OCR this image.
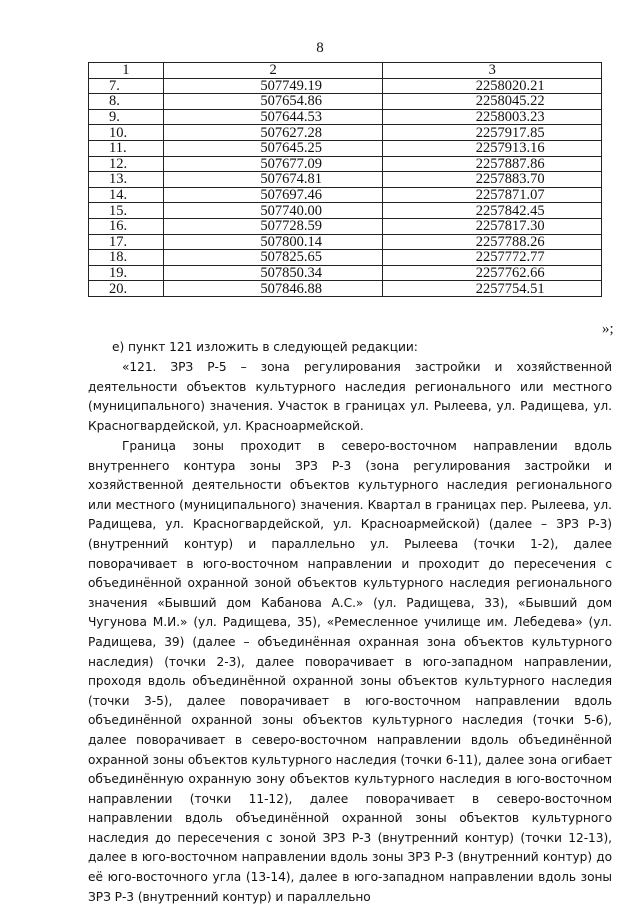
8
1	2	3
7.	507749.19	2258020.21
8.	507654.86	2258045.22
9.	507644.53	2258003.23
10.	507627.28	2257917.85
11.	507645.25	2257913.16
12.	507677.09	2257887.86
13.	507674.81	2257883.70
14.	507697.46	2257871.07
15.	507740.00	2257842.45
16.	507728.59	2257817.30
17.	507800.14	2257788.26
18.	507825.65	2257772.77
19.	507850.34	2257762.66
20.	507846.88	2257754.51
»;

е) пункт 121 изложить в следующей редакции:

«121. ЗРЗ Р-5 – зона регулирования застройки и хозяйственной деятельности объектов культурного наследия регионального или местного (муниципального) значения. Участок в границах ул. Рылеева, ул. Радищева, ул. Красногвардейской, ул. Красноармейской.

Граница зоны проходит в северо-восточном направлении вдоль внутреннего контура зоны ЗРЗ Р-3 (зона регулирования застройки и хозяйственной деятельности объектов культурного наследия регионального или местного (муниципального) значения. Квартал в границах пер. Рылеева, ул. Радищева, ул. Красногвардейской, ул. Красноармейской) (далее – ЗРЗ Р-3) (внутренний контур) и параллельно ул. Рылеева (точки 1-2), далее поворачивает в юго-восточном направлении и проходит до пересечения с объединённой охранной зоной объектов культурного наследия регионального значения «Бывший дом Кабанова А.С.» (ул. Радищева, 33), «Бывший дом Чугунова М.И.» (ул. Радищева, 35), «Ремесленное училище им. Лебедева» (ул. Радищева, 39) (далее – объединённая охранная зона объектов культурного наследия) (точки 2-3), далее поворачивает в юго-западном направлении, проходя вдоль объединённой охранной зоны объектов культурного наследия (точки 3-5), далее поворачивает в юго-восточном направлении вдоль объединённой охранной зоны объектов культурного наследия (точки 5-6), далее поворачивает в северо-восточном направлении вдоль объединённой охранной зоны объектов культурного наследия (точки 6-11), далее зона огибает объединённую охранную зону объектов культурного наследия в юго-восточном направлении (точки 11-12), далее поворачивает в северо-восточном направлении вдоль объединённой охранной зоны объектов культурного наследия до пересечения с зоной ЗРЗ Р-3 (внутренний контур) (точки 12-13), далее в юго-восточном направлении вдоль зоны ЗРЗ Р-3 (внутренний контур) до её юго-восточного угла (13-14), далее в юго-западном направлении вдоль зоны ЗРЗ Р-3 (внутренний контур) и параллельно
